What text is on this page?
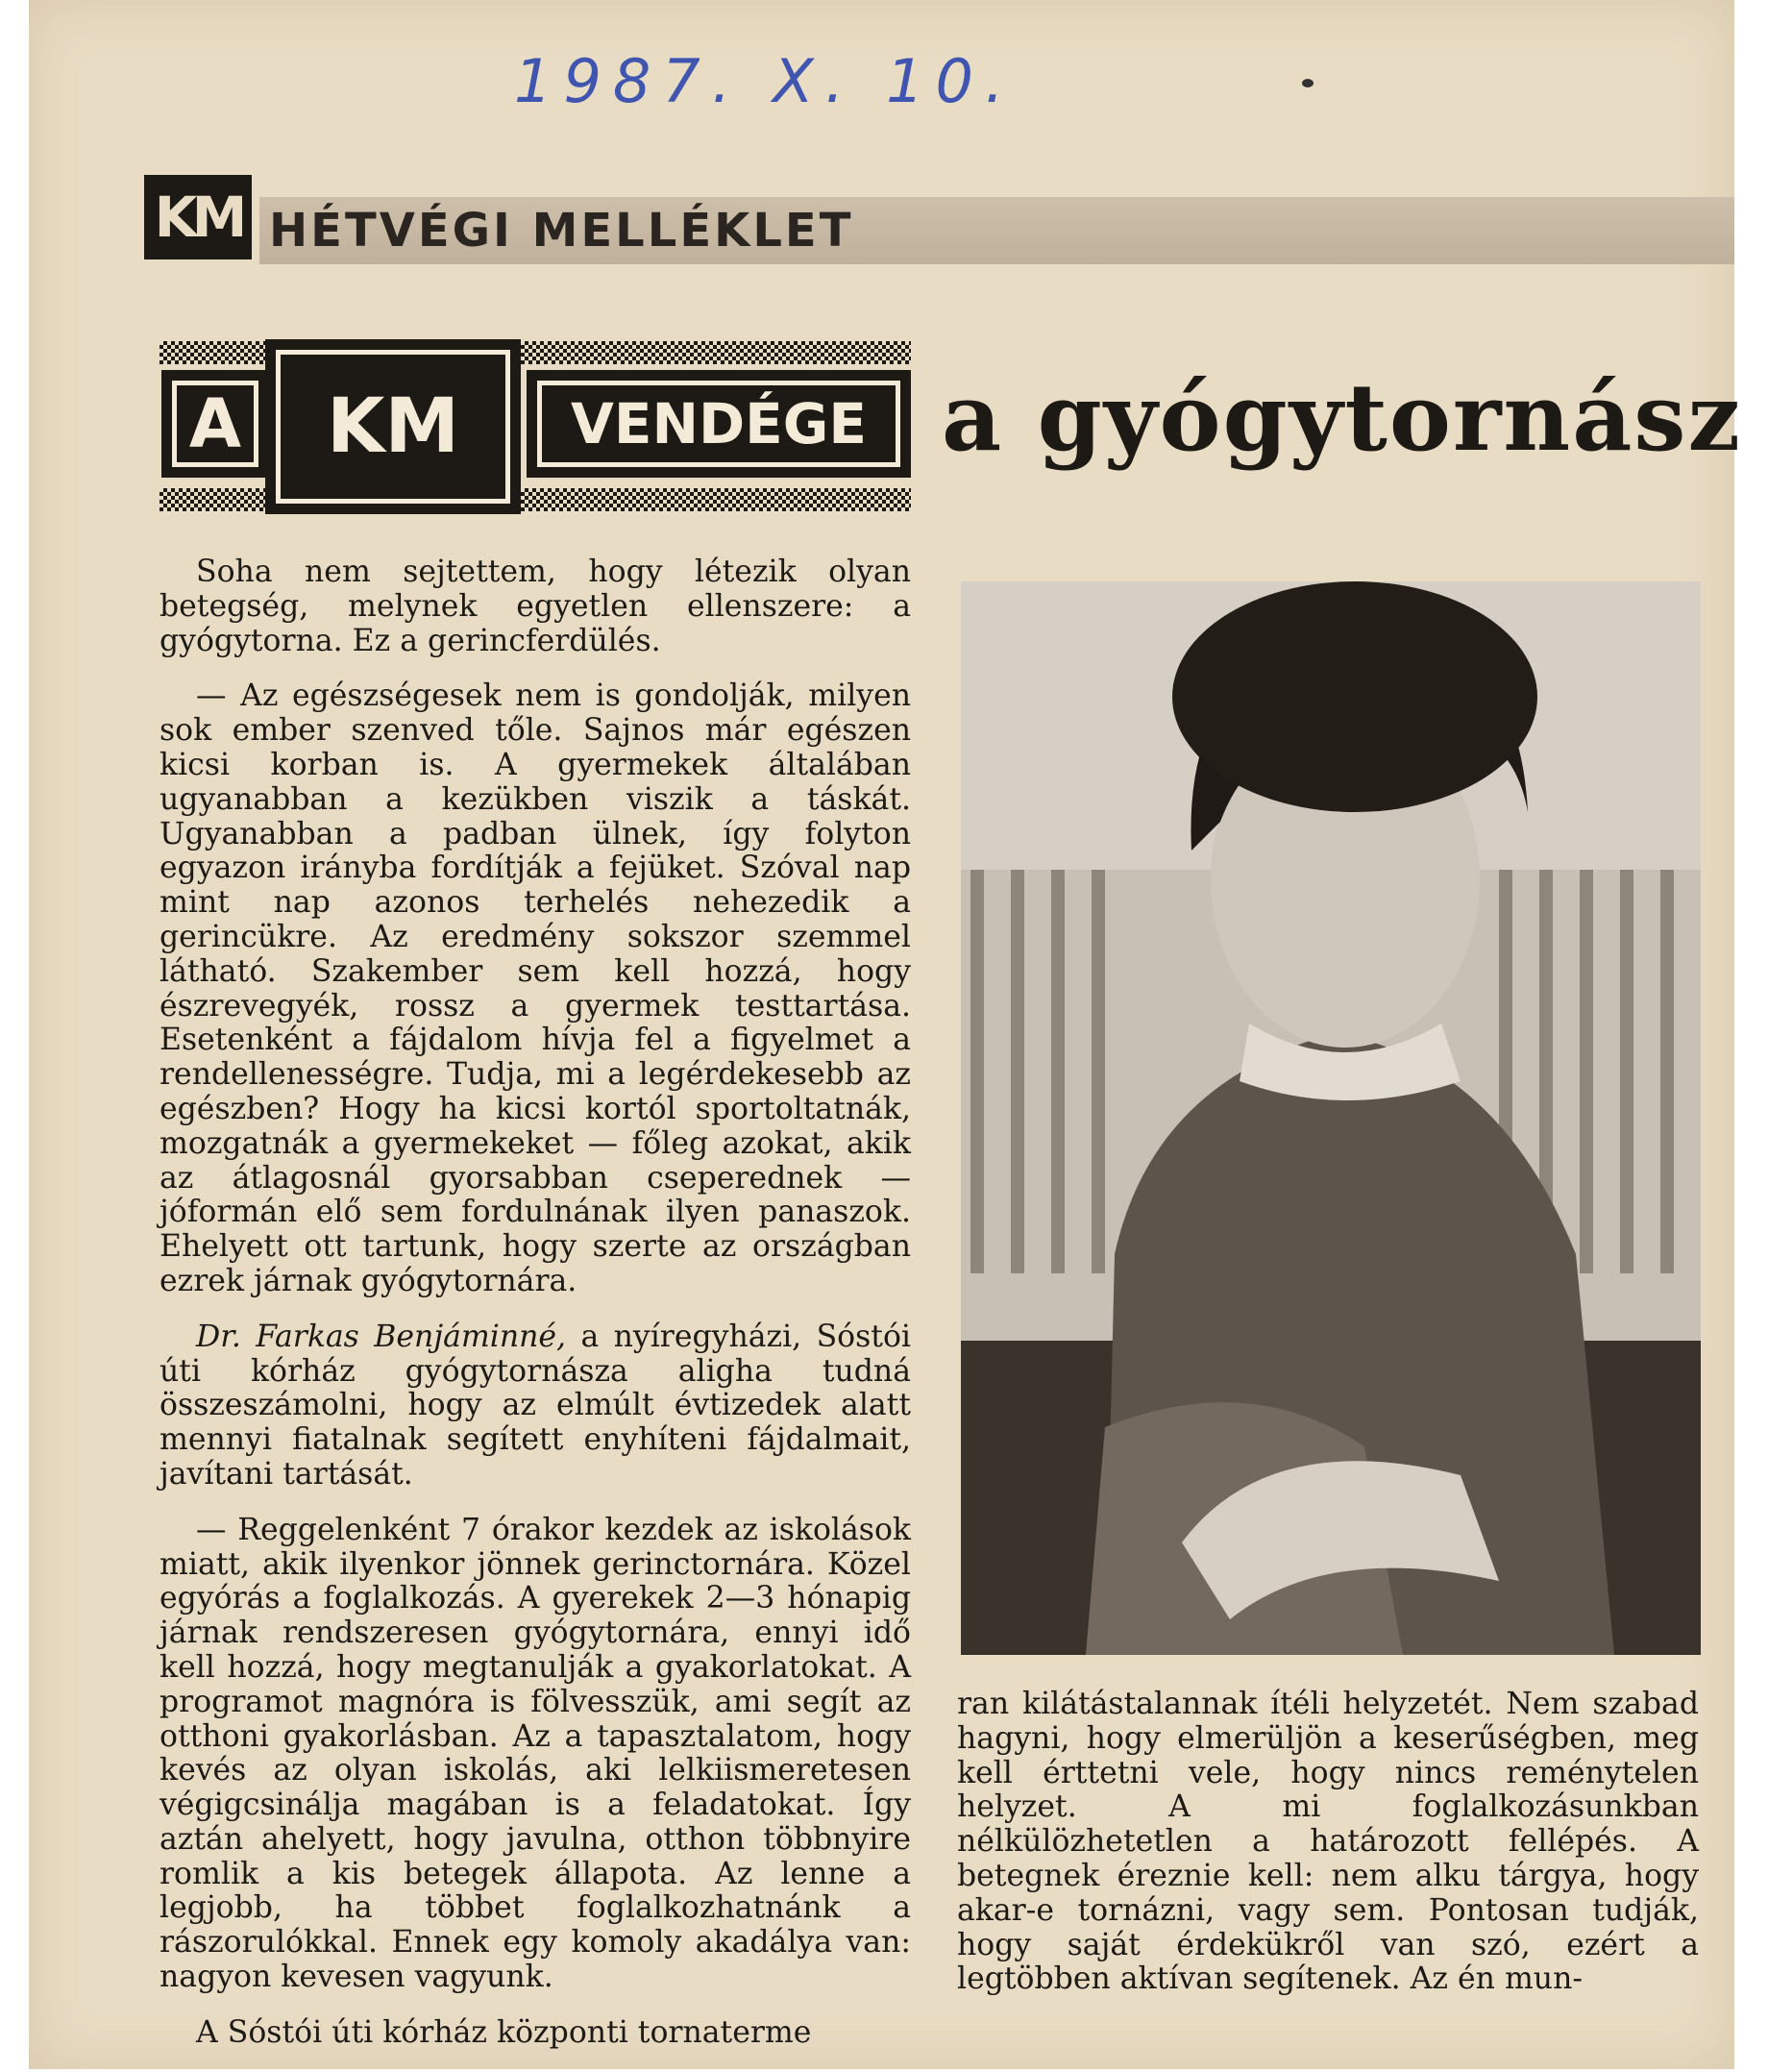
1987. X. 10.
KM HÉTVÉGI MELLÉKLET
A KM VENDÉGE a gyógytornász

Soha nem sejtettem, hogy létezik olyan betegség, melynek egyetlen ellenszere: a gyógytorna. Ez a gerincferdülés.

— Az egészségesek nem is gondolják, milyen sok ember szenved tőle. Sajnos már egészen kicsi korban is. A gyermekek általában ugyanabban a kezükben viszik a táskát. Ugyanabban a padban ülnek, így folyton egyazon irányba fordítják a fejüket. Szóval nap mint nap azonos terhelés nehezedik a gerincükre. Az eredmény sokszor szemmel látható. Szakember sem kell hozzá, hogy észrevegyék, rossz a gyermek testtartása. Esetenként a fájdalom hívja fel a figyelmet a rendellenességre. Tudja, mi a legérdekesebb az egészben? Hogy ha kicsi kortól sportoltatnák, mozgatnák a gyermekeket — főleg azokat, akik az átlagosnál gyorsabban cseperednek — jóformán elő sem fordulnának ilyen panaszok. Ehelyett ott tartunk, hogy szerte az országban ezrek járnak gyógytornára.

Dr. Farkas Benjáminné, a nyíregyházi, Sóstói úti kórház gyógytornásza aligha tudná összeszámolni, hogy az elmúlt évtizedek alatt mennyi fiatalnak segített enyhíteni fájdalmait, javítani tartását.

— Reggelenként 7 órakor kezdek az iskolások miatt, akik ilyenkor jönnek gerinctornára. Közel egyórás a foglalkozás. A gyerekek 2—3 hónapig járnak rendszeresen gyógytornára, ennyi idő kell hozzá, hogy megtanulják a gyakorlatokat. A programot magnóra is fölvesszük, ami segít az otthoni gyakorlásban. Az a tapasztalatom, hogy kevés az olyan iskolás, aki lelkiismeretesen végigcsinálja magában is a feladatokat. Így aztán ahelyett, hogy javulna, otthon többnyire romlik a kis betegek állapota. Az lenne a legjobb, ha többet foglalkozhatnánk a rászorulókkal. Ennek egy komoly akadálya van: nagyon kevesen vagyunk.

A Sóstói úti kórház központi tornaterme

ran kilátástalannak ítéli helyzetét. Nem szabad hagyni, hogy elmerüljön a keserűségben, meg kell érttetni vele, hogy nincs reménytelen helyzet. A mi foglalkozásunkban nélkülözhetetlen a határozott fellépés. A betegnek éreznie kell: nem alku tárgya, hogy akar-e tornázni, vagy sem. Pontosan tudják, hogy saját érdekükről van szó, ezért a legtöbben aktívan segítenek. Az én mun-
